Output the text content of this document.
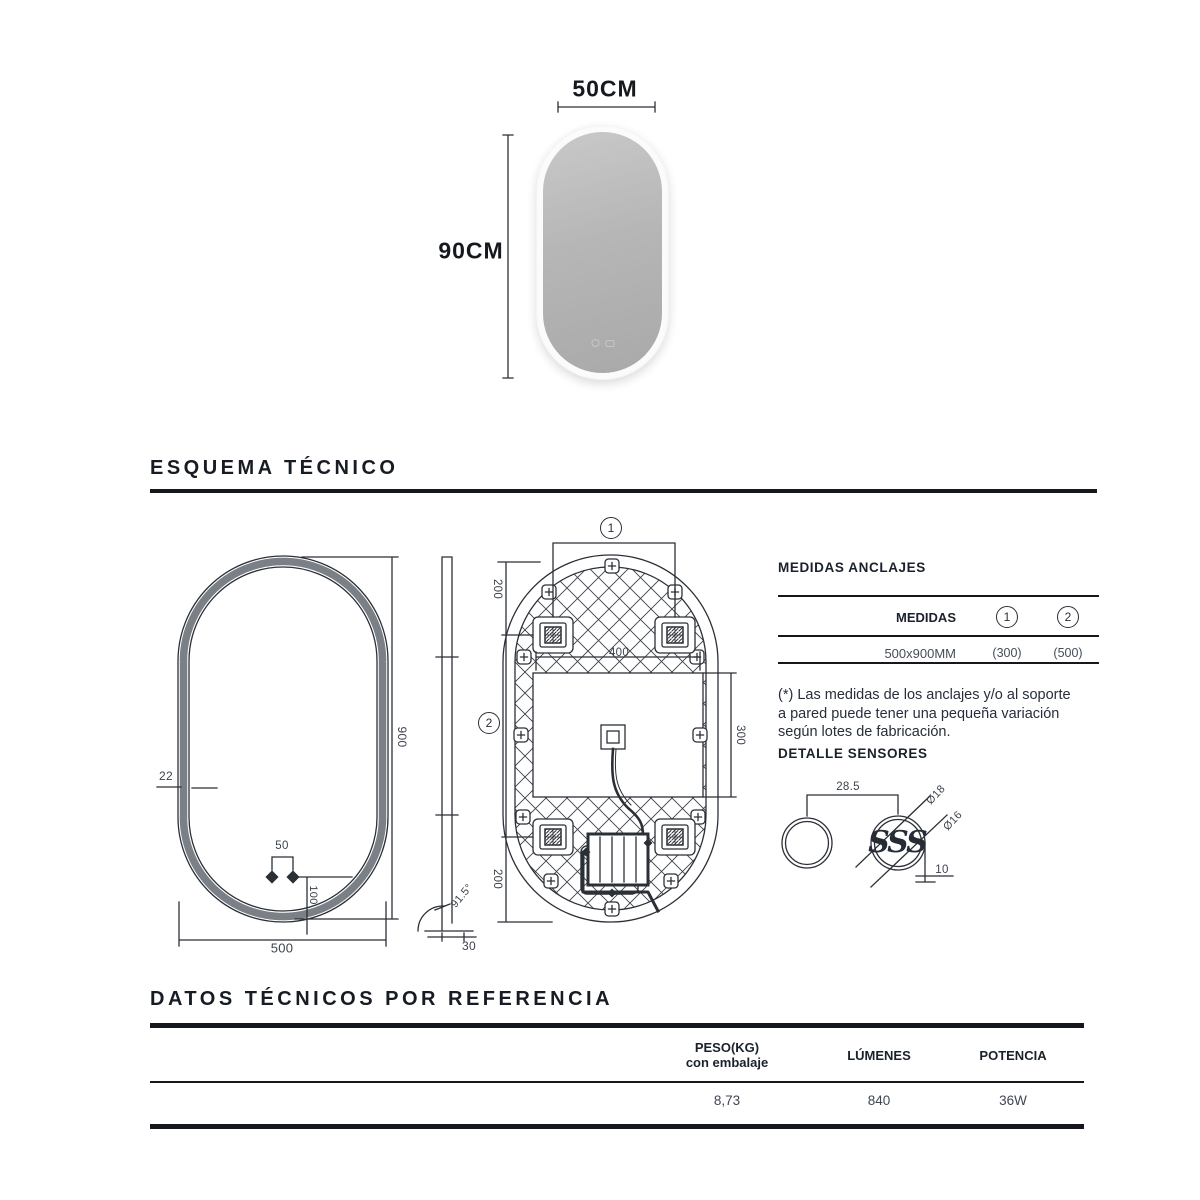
50CM
90CM
ESQUEMA TÉCNICO
900
500
22
50
100	91.5°
30
1
2
200
200
400
300
MEDIDAS ANCLAJES
MEDIDAS	1	2
500x900MM	(300)	(500)
(*) Las medidas de los anclajes y/o al soporte
a pared puede tener una pequeña variación
según lotes de fabricación.
DETALLE SENSORES
28.5	Ø18
Ø16
10
SSS
DATOS TÉCNICOS POR REFERENCIA
PESO(KG)
con embalaje	LÚMENES	POTENCIA
8,73	840	36W
